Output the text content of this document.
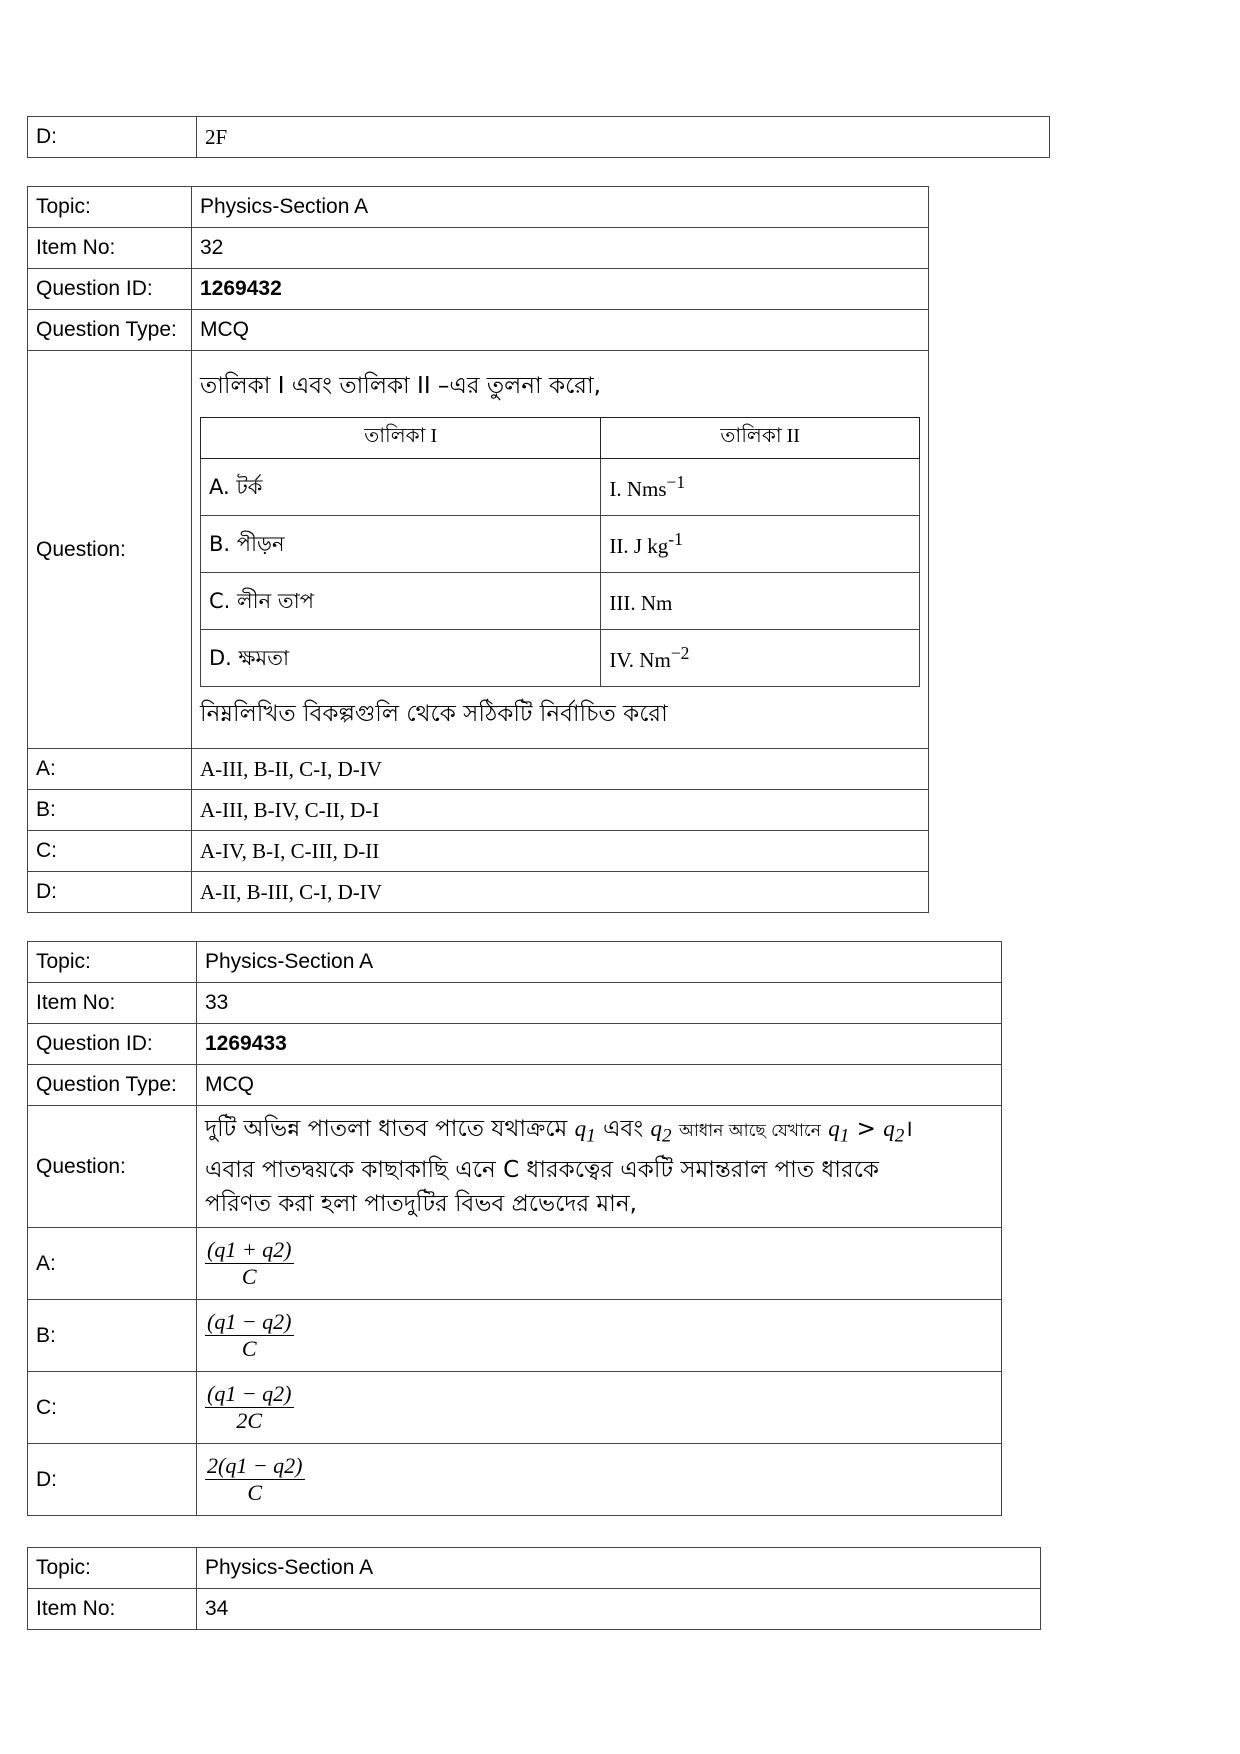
D:	2F
Topic:	Physics-Section A
Item No:	32
Question ID:	1269432
Question Type:	MCQ
Question:	
তালিকা I এবং তালিকা II –এর তুলনা করো,
তালিকা I	তালিকা II
A. টর্ক	I. Nms$^{-1}$
B. পীড়ন	II. J $kg^{-1}$
C. লীন তাপ	III. Nm
D. ক্ষমতা	IV. $Nm^{-2}$
নিম্নলিখিত বিকল্পগুলি থেকে সঠিকটি নির্বাচিত করো

A:	A-III, B-II, C-I, D-IV
B:	A-III, B-IV, C-II, D-I
C:	A-IV, B-I, C-III, D-II
D:	A-II, B-III, C-I, D-IV
Topic:	Physics-Section A
Item No:	33
Question ID:	1269433
Question Type:	MCQ
Question:	দুটি অভিন্ন পাতলা ধাতব পাতে যথাক্রমে $q_1$ এবং $q_2$ আধান আছে যেখানে $q_1$ > $q_2।$
এবার পাতদ্বয়কে কাছাকাছি এনে C ধারকত্বের একটি সমান্তরাল পাত ধারকে
পরিণত করা হলা পাতদুটির বিভব প্রভেদের মান,

A:	$\frac{(q1 + q2)}{C}$

B:	$\frac{(q1 - q2)}{C}$

C:	$\frac{(q1 - q2)}{2C}$

D:	$\frac{2(q1 - q2)}{C}$
Topic:	Physics-Section A
Item No:	34
